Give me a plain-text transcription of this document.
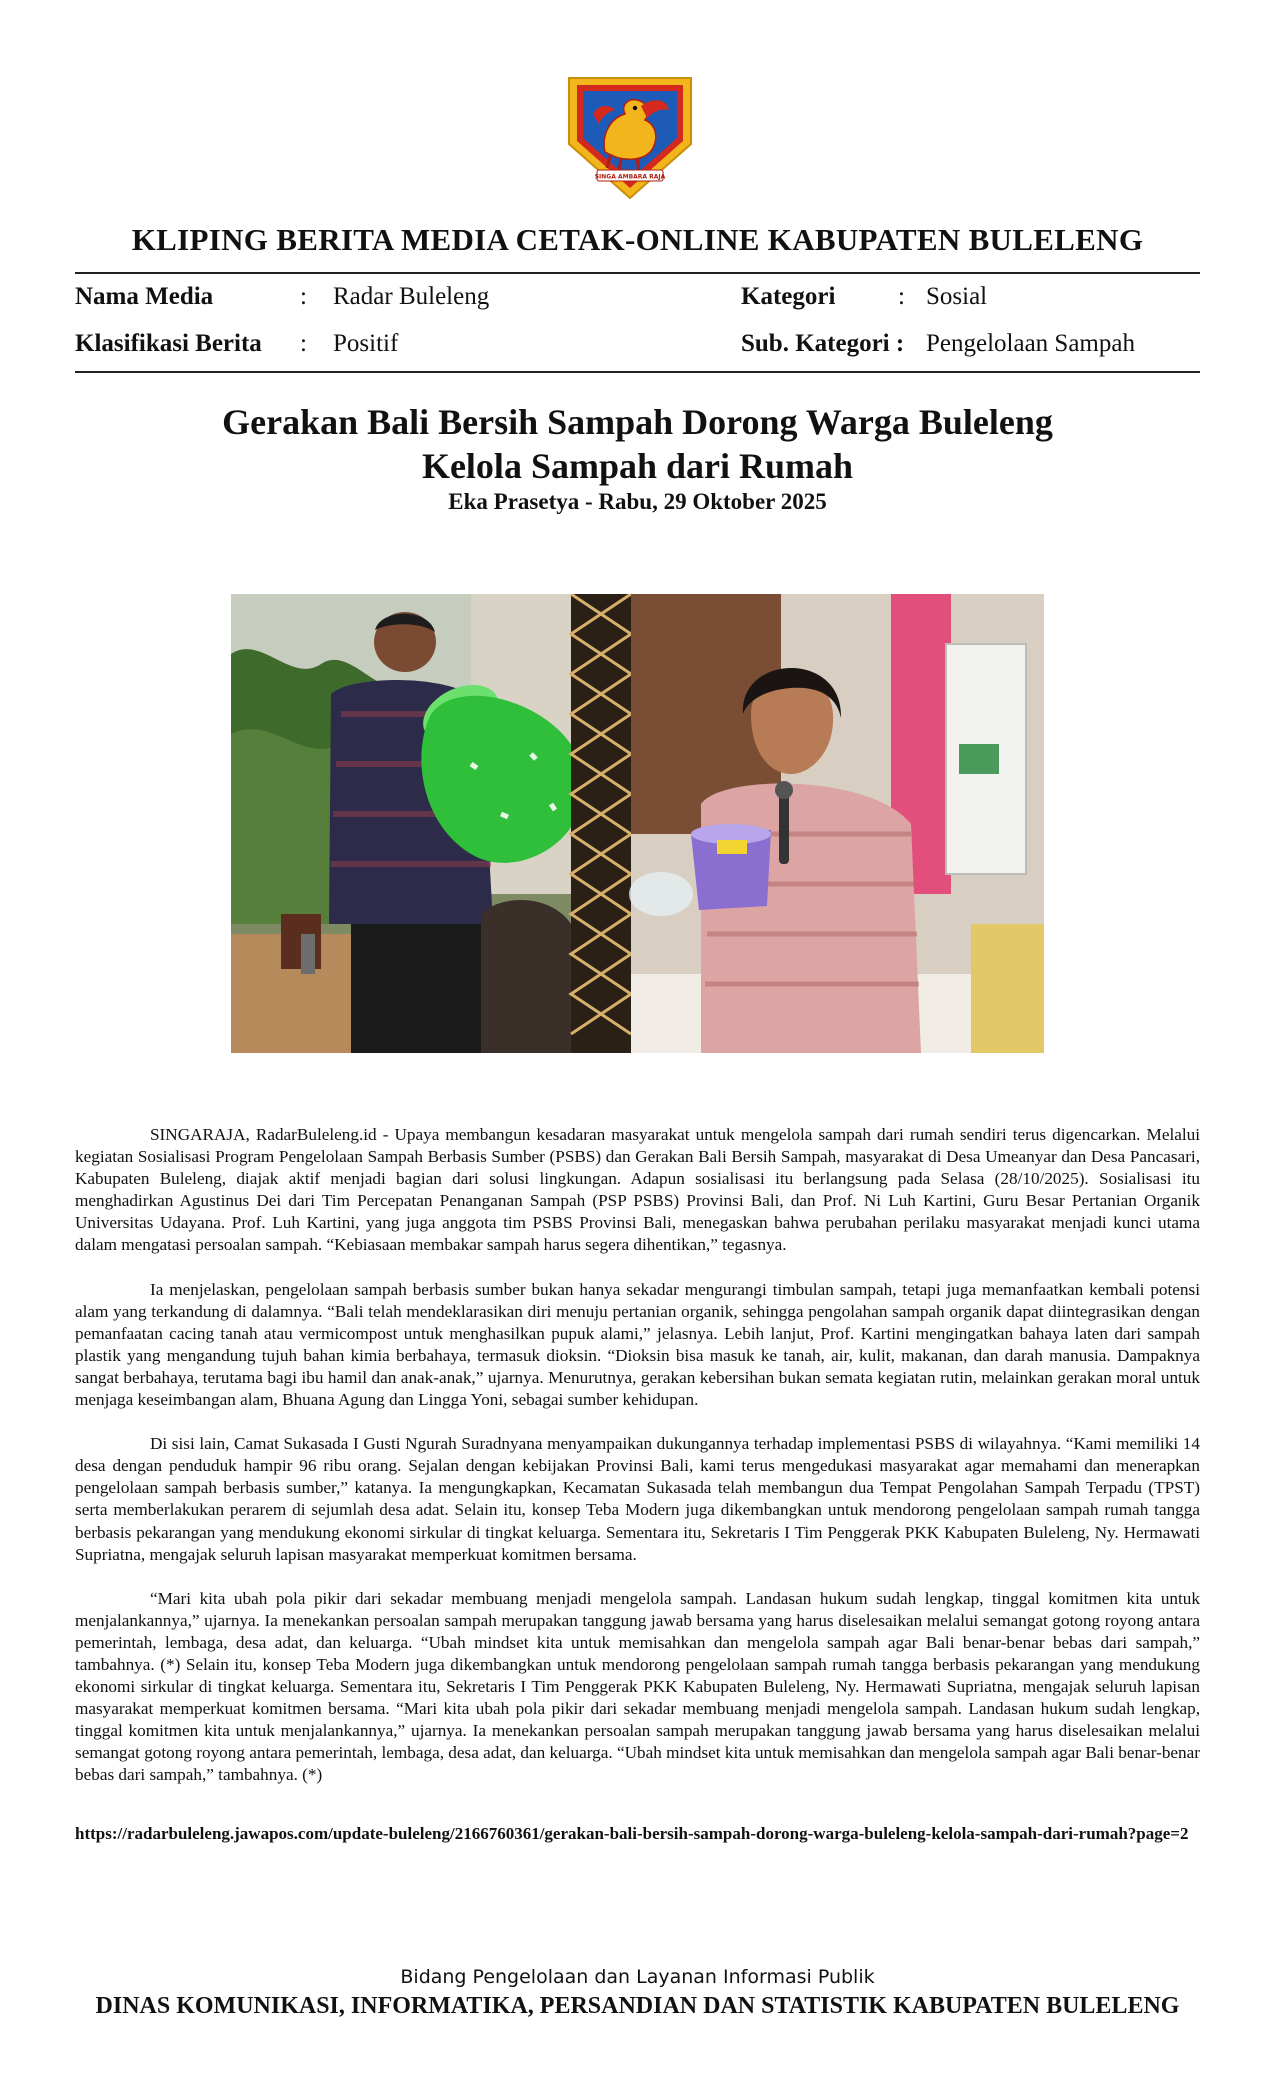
SINGA AMBARA RAJA
KLIPING BERITA MEDIA CETAK-ONLINE KABUPATEN BULELENG
Nama Media	: Radar Buleleng
Klasifikasi Berita : Positif
Kategori	: Sosial
Sub. Kategori : Pengelolaan Sampah
Gerakan Bali Bersih Sampah Dorong Warga Buleleng
Kelola Sampah dari Rumah
Eka Prasetya - Rabu, 29 Oktober 2025

SINGARAJA, RadarBuleleng.id - Upaya membangun kesadaran masyarakat untuk mengelola sampah dari rumah sendiri terus digencarkan. Melalui kegiatan Sosialisasi Program Pengelolaan Sampah Berbasis Sumber (PSBS) dan Gerakan Bali Bersih Sampah, masyarakat di Desa Umeanyar dan Desa Pancasari, Kabupaten Buleleng, diajak aktif menjadi bagian dari solusi lingkungan. Adapun sosialisasi itu berlangsung pada Selasa (28/10/2025). Sosialisasi itu menghadirkan Agustinus Dei dari Tim Percepatan Penanganan Sampah (PSP PSBS) Provinsi Bali, dan Prof. Ni Luh Kartini, Guru Besar Pertanian Organik Universitas Udayana. Prof. Luh Kartini, yang juga anggota tim PSBS Provinsi Bali, menegaskan bahwa perubahan perilaku masyarakat menjadi kunci utama dalam mengatasi persoalan sampah. “Kebiasaan membakar sampah harus segera dihentikan,” tegasnya.

Ia menjelaskan, pengelolaan sampah berbasis sumber bukan hanya sekadar mengurangi timbulan sampah, tetapi juga memanfaatkan kembali potensi alam yang terkandung di dalamnya. “Bali telah mendeklarasikan diri menuju pertanian organik, sehingga pengolahan sampah organik dapat diintegrasikan dengan pemanfaatan cacing tanah atau vermicompost untuk menghasilkan pupuk alami,” jelasnya. Lebih lanjut, Prof. Kartini mengingatkan bahaya laten dari sampah plastik yang mengandung tujuh bahan kimia berbahaya, termasuk dioksin. “Dioksin bisa masuk ke tanah, air, kulit, makanan, dan darah manusia. Dampaknya sangat berbahaya, terutama bagi ibu hamil dan anak-anak,” ujarnya. Menurutnya, gerakan kebersihan bukan semata kegiatan rutin, melainkan gerakan moral untuk menjaga keseimbangan alam, Bhuana Agung dan Lingga Yoni, sebagai sumber kehidupan.

Di sisi lain, Camat Sukasada I Gusti Ngurah Suradnyana menyampaikan dukungannya terhadap implementasi PSBS di wilayahnya. “Kami memiliki 14 desa dengan penduduk hampir 96 ribu orang. Sejalan dengan kebijakan Provinsi Bali, kami terus mengedukasi masyarakat agar memahami dan menerapkan pengelolaan sampah berbasis sumber,” katanya. Ia mengungkapkan, Kecamatan Sukasada telah membangun dua Tempat Pengolahan Sampah Terpadu (TPST) serta memberlakukan perarem di sejumlah desa adat. Selain itu, konsep Teba Modern juga dikembangkan untuk mendorong pengelolaan sampah rumah tangga berbasis pekarangan yang mendukung ekonomi sirkular di tingkat keluarga. Sementara itu, Sekretaris I Tim Penggerak PKK Kabupaten Buleleng, Ny. Hermawati Supriatna, mengajak seluruh lapisan masyarakat memperkuat komitmen bersama.

“Mari kita ubah pola pikir dari sekadar membuang menjadi mengelola sampah. Landasan hukum sudah lengkap, tinggal komitmen kita untuk menjalankannya,” ujarnya. Ia menekankan persoalan sampah merupakan tanggung jawab bersama yang harus diselesaikan melalui semangat gotong royong antara pemerintah, lembaga, desa adat, dan keluarga. “Ubah mindset kita untuk memisahkan dan mengelola sampah agar Bali benar-benar bebas dari sampah,” tambahnya. (*) Selain itu, konsep Teba Modern juga dikembangkan untuk mendorong pengelolaan sampah rumah tangga berbasis pekarangan yang mendukung ekonomi sirkular di tingkat keluarga. Sementara itu, Sekretaris I Tim Penggerak PKK Kabupaten Buleleng, Ny. Hermawati Supriatna, mengajak seluruh lapisan masyarakat memperkuat komitmen bersama. “Mari kita ubah pola pikir dari sekadar membuang menjadi mengelola sampah. Landasan hukum sudah lengkap, tinggal komitmen kita untuk menjalankannya,” ujarnya. Ia menekankan persoalan sampah merupakan tanggung jawab bersama yang harus diselesaikan melalui semangat gotong royong antara pemerintah, lembaga, desa adat, dan keluarga. “Ubah mindset kita untuk memisahkan dan mengelola sampah agar Bali benar-benar bebas dari sampah,” tambahnya. (*)

https://radarbuleleng.jawapos.com/update-buleleng/2166760361/gerakan-bali-bersih-sampah-dorong-warga-buleleng-kelola-sampah-dari-rumah?page=2
Bidang Pengelolaan dan Layanan Informasi Publik
DINAS KOMUNIKASI, INFORMATIKA, PERSANDIAN DAN STATISTIK KABUPATEN BULELENG
